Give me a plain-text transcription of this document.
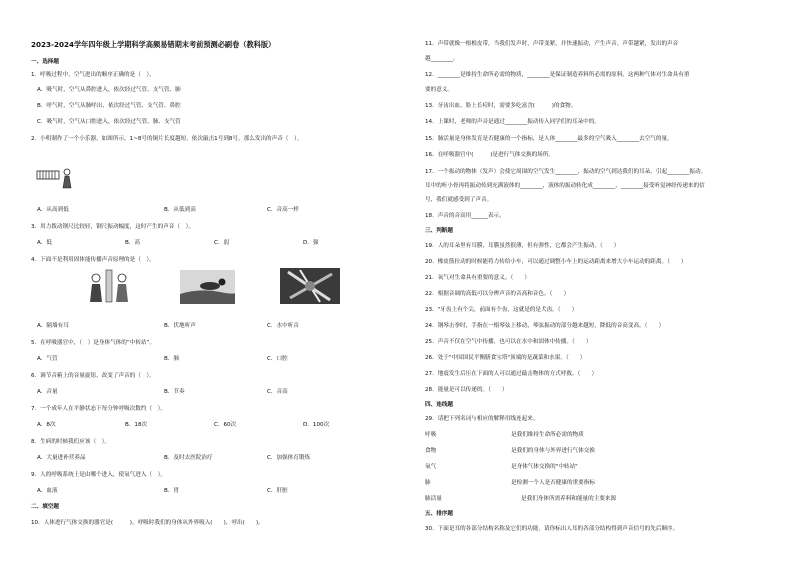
2023-2024学年四年级上学期科学高频易错期末考前预测必刷卷（教科版）
一、选择题
1．呼吸过程中，空气进出的顺序正确的是（　）。
A．吸气时，空气从鼻腔进入，依次经过气管、支气管、肺
B．呼气时，空气从肺呼出，依次经过气管、支气管、鼻腔
C．吸气时，空气从口腔进入，依次经过气管、肺、支气管
2．小明制作了一个小乐器，如图所示，1~8号的铜片长度越短。依次敲击1号到8号，那么发出的声音（　）。
A．从高到低	B．从低到高	C．音高一样
3．用力拨动钢尺比较轻，钢尺振动幅度，这时产生的声音（　）。
A．低	B．高	C．弱	D．强
4．下面不是利用固体能传播声音原理的是（　）。
A．隔墙有耳	B．伏地听声	C．水中听音
5．在呼吸器官中，（　）是身体气体的“中转站”。
A．气管	B．肺	C．口腔
6．调节音箱上的音量旋钮，改变了声音的（　）。
A．音量	B．节奏	C．音高
7．一个成年人在平静状态下每分钟呼吸次数约（　）。
A．8次	B．18次	C．60次	D．100次
8．生病的时候我们应该（　）。
A．大量进补营养品	B．及时去医院治疗	C．加强体育锻炼
9．人的呼吸系统上是由哪个进入，使氧气进入（　）。
A．血液	B．胃	C．肝脏
二、填空题
10．人体进行气体交换的器官是(　　　)，呼吸时我们的身体从外界吸入(　　)，呼出(　　)。
11．声带就像一根根皮带，当我们发声时，声带变紧，并快速振动，产生声音。声带越紧，发出的声音
越________。
12．________是维持生命所必需的物质，________是保证制造养料所必需的原料，这两种气体对生命具有重
要的意义。
13．牙齿出血，脸上长痘时，需要多吃富含(　　　)的食物。
14．上课时，老师的声音是通过________振动传入同学们的耳朵中的。
15．肺活量是身体发育是否健康的一个指标，是人体________最多的空气吸入________去空气的量。
16．在呼吸器官中(　　　)是进行气体交换的场所。
17．一个振动的物体（发声）会使它周围的空气发生________，振动的空气到达我们的耳朵，引起________振动。
耳中的听小骨再将振动传到充满液体的________，液体的振动转化成________，________接受听觉神经传递来的信
号，我们就感受到了声音。
18．声音的音高用______表示。
三、判断题
19．人的耳朵里有耳膜，耳膜虽然很薄，但有弹性，它都会产生振动。（　　）
20．橡皮筋拉动的时候能将力传给小车，可以通过调整小车上的运动距离来增大小车运动的距离。（　　）
21．氧气对生命具有重要的意义。（　　）
22．根据音调的高低可以分辨声音的音高和音色。（　　）
23．"牙齿上有个尖，前面有个齿，这就是的是犬齿。（　　）
24．钢琴击拳时，手指在一根琴弦上移动，琴弦振动的部分越来越短，降低的音高变高。（　　）
25．声音不仅在空气中传播，也可以在水中和固体中传播。（　　）
26．处于"中国国民平衡膳食宝塔"顶端的是蔬菜和水果。（　　）
27．地震发生后压在下面的人可以通过敲击物体的方式呼救。（　　）
28．能量是可以传递的。（　　）
四、连线题
29．请把下列名词与相应的解释用线连起来。
呼吸	是我们维持生命所必需的物质
食物	是我们的身体与外界进行气体交换
氧气	是身体气体交换的"中转站"
肺	是检测一个人是否健康的重要指标
肺活量	是我们身体所需养料和能量的主要来源
五、排序题
30．下面是耳的各部分结构名称及它们的功能，请你标出人耳的各部分结构得到声音信号的先后顺序。
